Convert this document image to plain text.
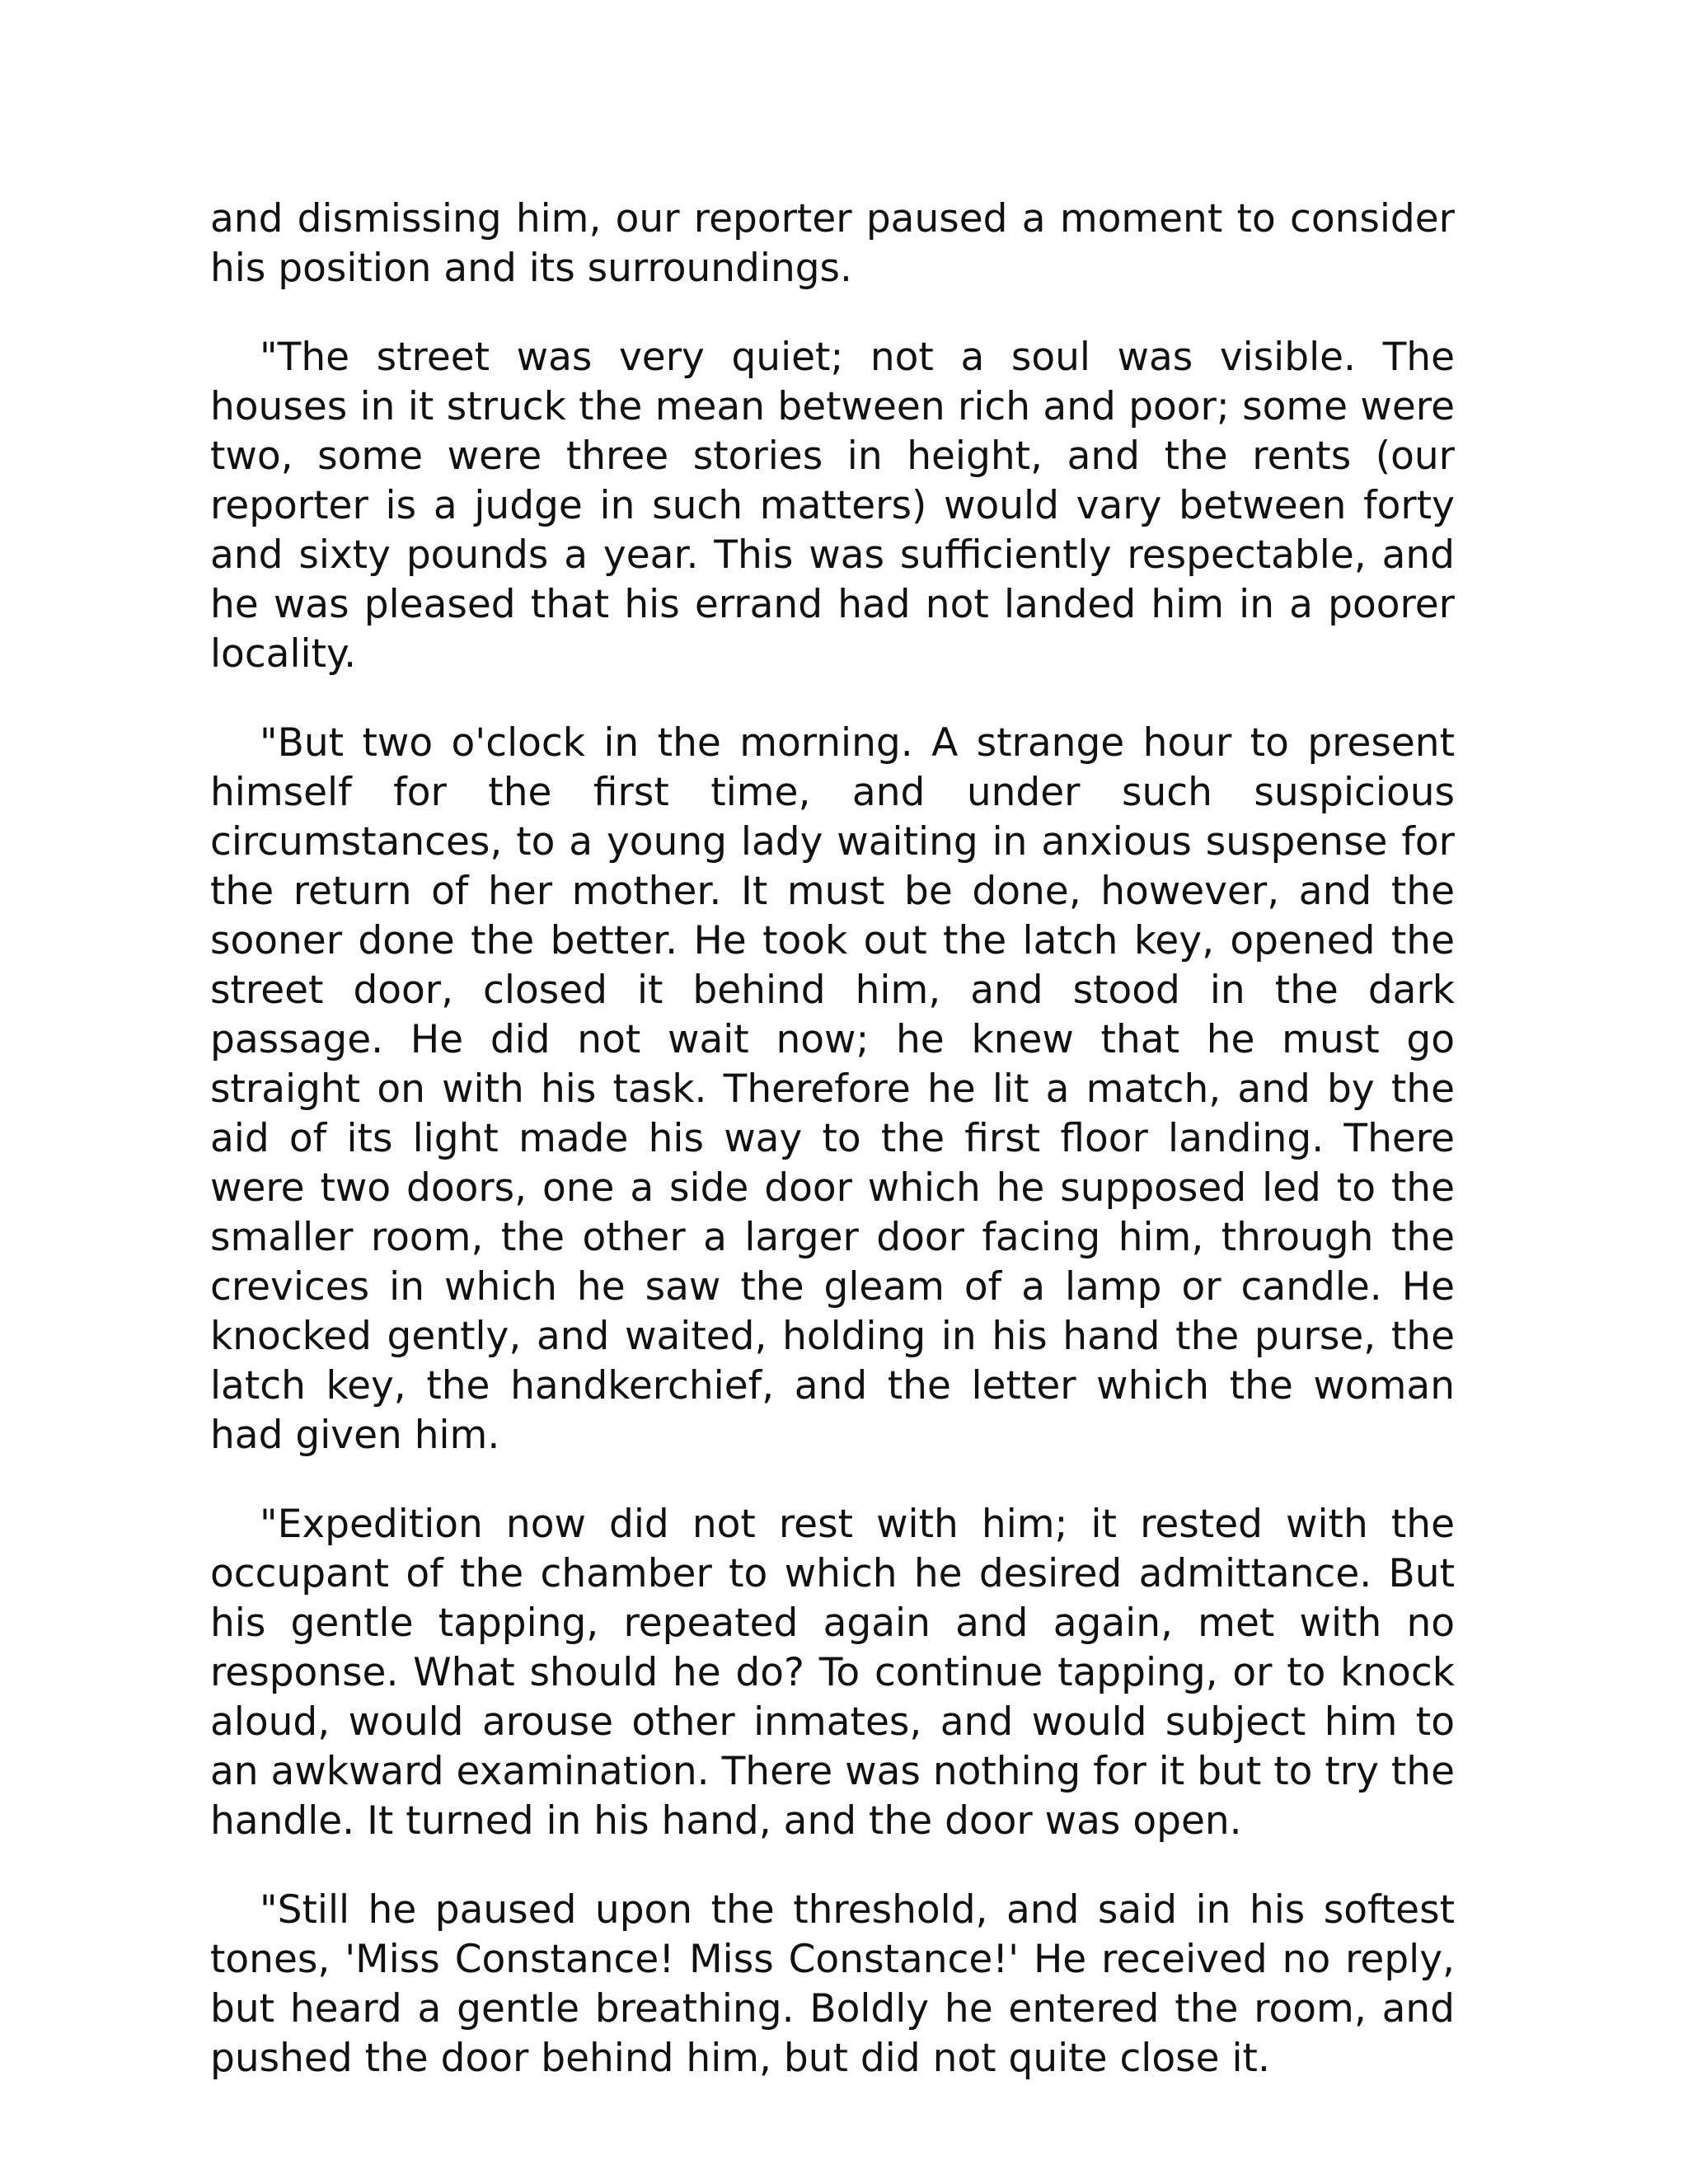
and dismissing him, our reporter paused a moment to consider his position and its surroundings.

"The street was very quiet; not a soul was visible. The houses in it struck the mean between rich and poor; some were two, some were three stories in height, and the rents (our reporter is a judge in such matters) would vary between forty and sixty pounds a year. This was sufficiently respectable, and he was pleased that his errand had not landed him in a poorer locality.

"But two o'clock in the morning. A strange hour to present himself for the first time, and under such suspicious circumstances, to a young lady waiting in anxious suspense for the return of her mother. It must be done, however, and the sooner done the better. He took out the latch key, opened the street door, closed it behind him, and stood in the dark passage. He did not wait now; he knew that he must go straight on with his task. Therefore he lit a match, and by the aid of its light made his way to the first floor landing. There were two doors, one a side door which he supposed led to the smaller room, the other a larger door facing him, through the crevices in which he saw the gleam of a lamp or candle. He knocked gently, and waited, holding in his hand the purse, the latch key, the handkerchief, and the letter which the woman had given him.

"Expedition now did not rest with him; it rested with the occupant of the chamber to which he desired admittance. But his gentle tapping, repeated again and again, met with no response. What should he do? To continue tapping, or to knock aloud, would arouse other inmates, and would subject him to an awkward examination. There was nothing for it but to try the handle. It turned in his hand, and the door was open.

"Still he paused upon the threshold, and said in his softest tones, 'Miss Constance! Miss Constance!' He received no reply, but heard a gentle breathing. Boldly he entered the room, and pushed the door behind him, but did not quite close it.
